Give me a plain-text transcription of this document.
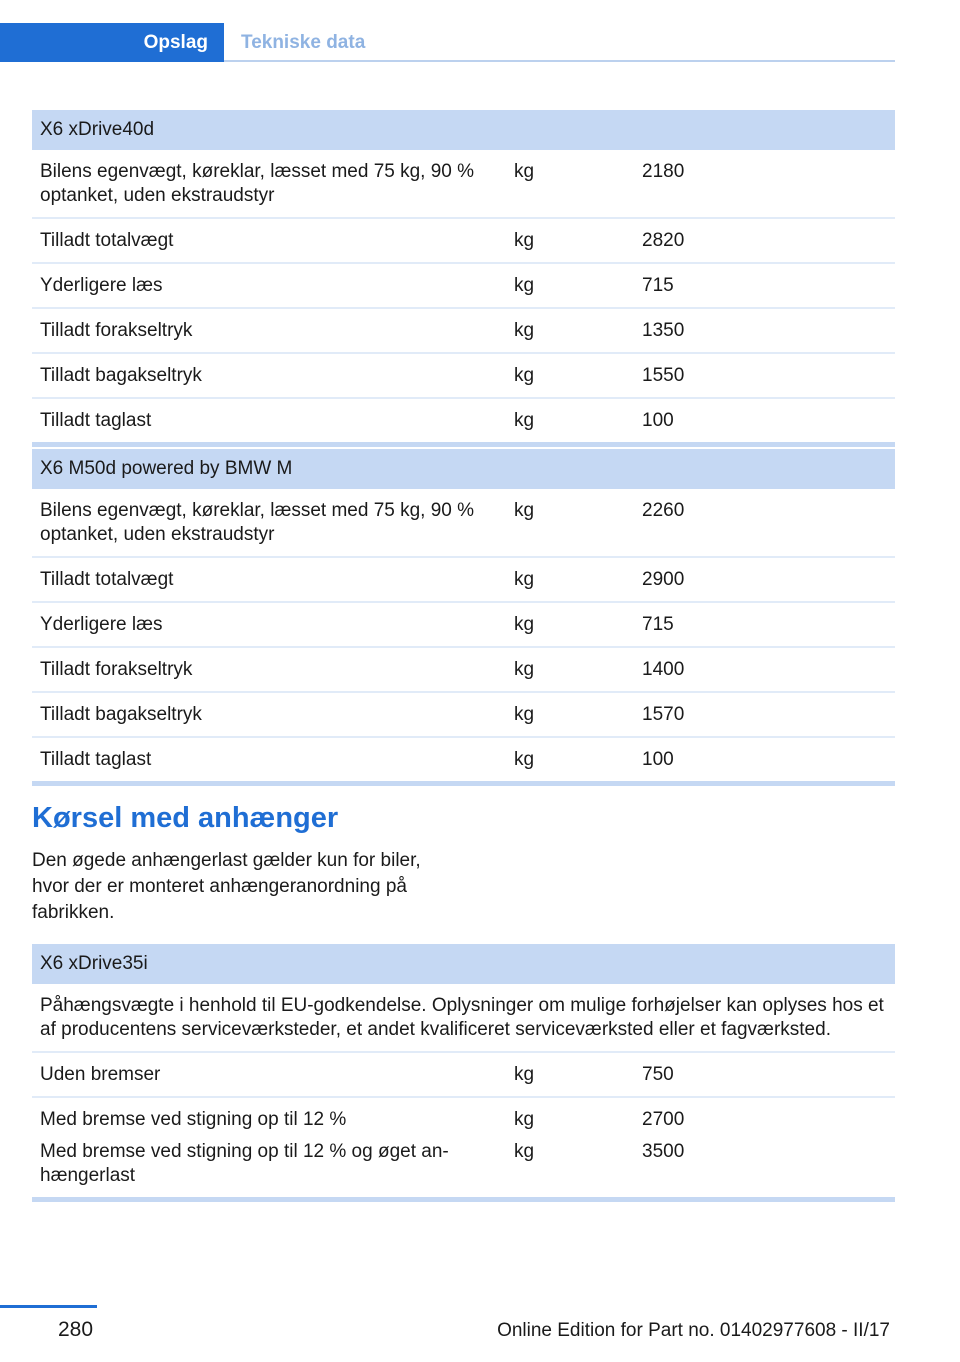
Opslag	Tekniske data
X6 xDrive40d		
Bilens egenvægt, køreklar, læsset med 75 kg, 90 % optanket, uden ekstraudstyr	kg	2180
Tilladt totalvægt	kg	2820
Yderligere læs	kg	715
Tilladt forakseltryk	kg	1350
Tilladt bagakseltryk	kg	1550
Tilladt taglast	kg	100
X6 M50d powered by BMW M		
Bilens egenvægt, køreklar, læsset med 75 kg, 90 % optanket, uden ekstraudstyr	kg	2260
Tilladt totalvægt	kg	2900
Yderligere læs	kg	715
Tilladt forakseltryk	kg	1400
Tilladt bagakseltryk	kg	1570
Tilladt taglast	kg	100
Kørsel med anhænger

Den øgede anhængerlast gælder kun for biler, hvor der er monteret anhængeranordning på fabrikken.

X6 xDrive35i		
Påhængsvægte i henhold til EU-godkendelse. Oplysninger om mulige forhøjelser kan oplyses hos et af producentens serviceværksteder, et andet kvalificeret serviceværksted eller et fagværksted.		
Uden bremser	kg	750
Med bremse ved stigning op til 12 %	kg	2700
Med bremse ved stigning op til 12 % og øget anhængerlast	kg	3500
280	Online Edition for Part no. 01402977608 - II/17
